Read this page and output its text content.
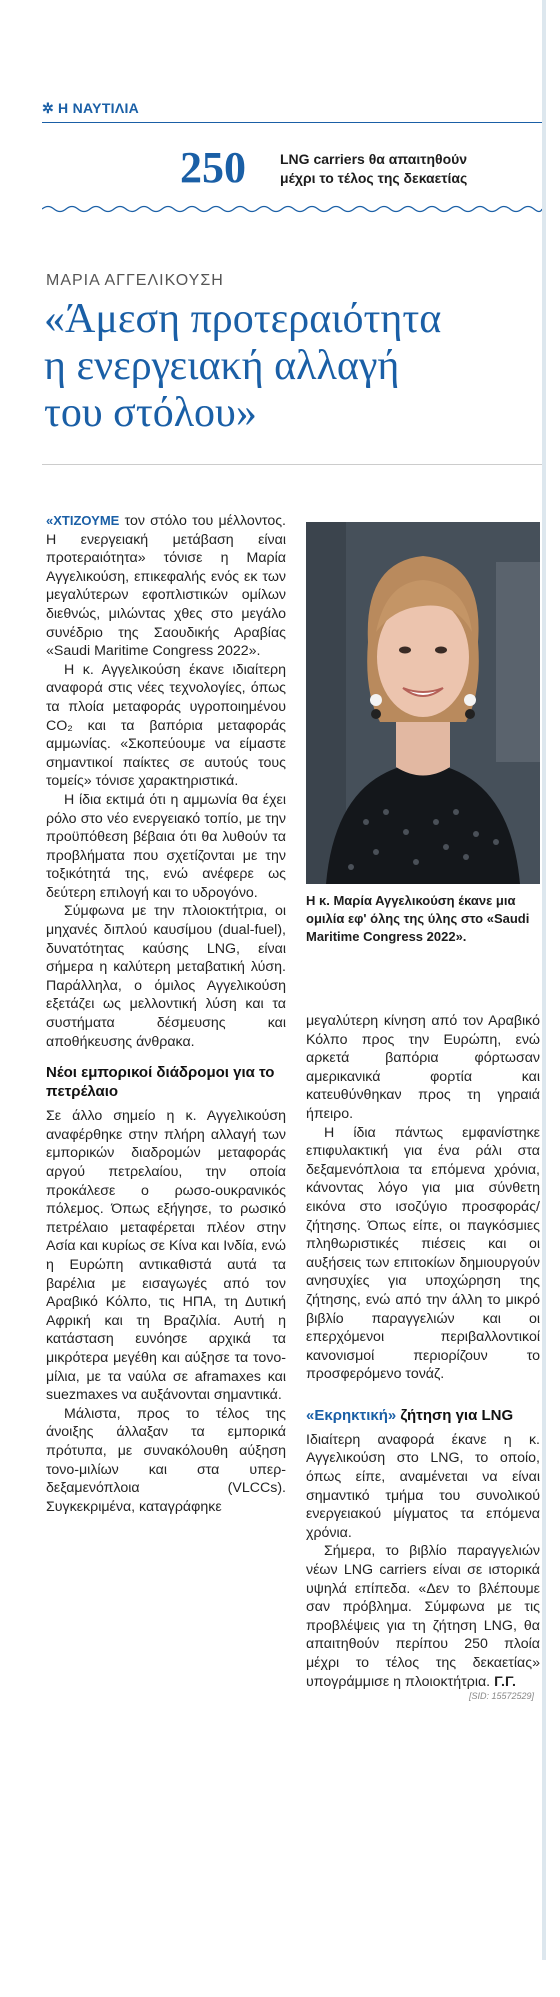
✲ Η ΝΑΥΤΙΛΙΑ
250 LNG carriers θα απαιτηθούν
μέχρι το τέλος της δεκαετίας
ΜΑΡΙΑ ΑΓΓΕΛΙΚΟΥΣΗ
«Άμεση προτεραιότητα
η ενεργειακή αλλαγή
του στόλου»

«ΧΤΙΖΟΥΜΕ τον στόλο του μέλλοντος. Η ενεργειακή μετάβαση είναι προτεραιότητα» τόνισε η Μαρία Αγγελικούση, επικεφαλής ενός εκ των μεγαλύτερων εφοπλιστικών ομίλων διεθνώς, μιλώντας χθες στο μεγάλο συνέδριο της Σαουδικής Αραβίας «Saudi Maritime Congress 2022».

Η κ. Αγγελικούση έκανε ιδιαίτερη αναφορά στις νέες τεχνολογίες, όπως τα πλοία μεταφοράς υγροποιημένου CO₂ και τα βαπόρια μεταφοράς αμμωνίας. «Σκοπεύουμε να είμαστε σημαντικοί παίκτες σε αυτούς τους τομείς» τόνισε χαρακτηριστικά.

Η ίδια εκτιμά ότι η αμμωνία θα έχει ρόλο στο νέο ενεργειακό τοπίο, με την προϋπόθεση βέβαια ότι θα λυθούν τα προβλήματα που σχετίζονται με την τοξικότητά της, ενώ ανέφερε ως δεύτερη επιλογή και το υδρογόνο.

Σύμφωνα με την πλοιοκτήτρια, οι μηχανές διπλού καυσίμου (dual-fuel), δυνατότητας καύσης LNG, είναι σήμερα η καλύτερη μεταβατική λύση. Παράλληλα, ο όμιλος Αγγελικούση εξετάζει ως μελλοντική λύση και τα συστήματα δέσμευσης και αποθήκευσης άνθρακα.

Νέοι εμπορικοί διάδρομοι για το πετρέλαιο

Σε άλλο σημείο η κ. Αγγελικούση αναφέρθηκε στην πλήρη αλλαγή των εμπορικών διαδρομών μεταφοράς αργού πετρελαίου, την οποία προκάλεσε ο ρωσο-ουκρανικός πόλεμος. Όπως εξήγησε, το ρωσικό πετρέλαιο μεταφέρεται πλέον στην Ασία και κυρίως σε Κίνα και Ινδία, ενώ η Ευρώπη αντικαθιστά αυτά τα βαρέλια με εισαγωγές από τον Αραβικό Κόλπο, τις ΗΠΑ, τη Δυτική Αφρική και τη Βραζιλία. Αυτή η κατάσταση ευνόησε αρχικά τα μικρότερα μεγέθη και αύξησε τα τονο-μίλια, με τα ναύλα σε aframaxes και suezmaxes να αυξάνονται σημαντικά.

Μάλιστα, προς το τέλος της άνοιξης άλλαξαν τα εμπορικά πρότυπα, με συνακόλουθη αύξηση τονο-μιλίων και στα υπερ-δεξαμενόπλοια (VLCCs). Συγκεκριμένα, καταγράφηκε

Η κ. Μαρία Αγγελικούση έκανε μια ομιλία εφ' όλης της ύλης στο «Saudi Maritime Congress 2022».

μεγαλύτερη κίνηση από τον Αραβικό Κόλπο προς την Ευρώπη, ενώ αρκετά βαπόρια φόρτωσαν αμερικανικά φορτία και κατευθύνθηκαν προς τη γηραιά ήπειρο.

Η ίδια πάντως εμφανίστηκε επιφυλακτική για ένα ράλι στα δεξαμενόπλοια τα επόμενα χρόνια, κάνοντας λόγο για μια σύνθετη εικόνα στο ισοζύγιο προσφοράς/ζήτησης. Όπως είπε, οι παγκόσμιες πληθωριστικές πιέσεις και οι αυξήσεις των επιτοκίων δημιουργούν ανησυχίες για υποχώρηση της ζήτησης, ενώ από την άλλη το μικρό βιβλίο παραγγελιών και οι επερχόμενοι περιβαλλοντικοί κανονισμοί περιορίζουν το προσφερόμενο τονάζ.

«Εκρηκτική» ζήτηση για LNG

Ιδιαίτερη αναφορά έκανε η κ. Αγγελικούση στο LNG, το οποίο, όπως είπε, αναμένεται να είναι σημαντικό τμήμα του συνολικού ενεργειακού μίγματος τα επόμενα χρόνια.

Σήμερα, το βιβλίο παραγγελιών νέων LNG carriers είναι σε ιστορικά υψηλά επίπεδα. «Δεν το βλέπουμε σαν πρόβλημα. Σύμφωνα με τις προβλέψεις για τη ζήτηση LNG, θα απαιτηθούν περίπου 250 πλοία μέχρι το τέλος της δεκαετίας» υπογράμμισε η πλοιοκτήτρια. Γ.Γ.

[SID: 15572529]
